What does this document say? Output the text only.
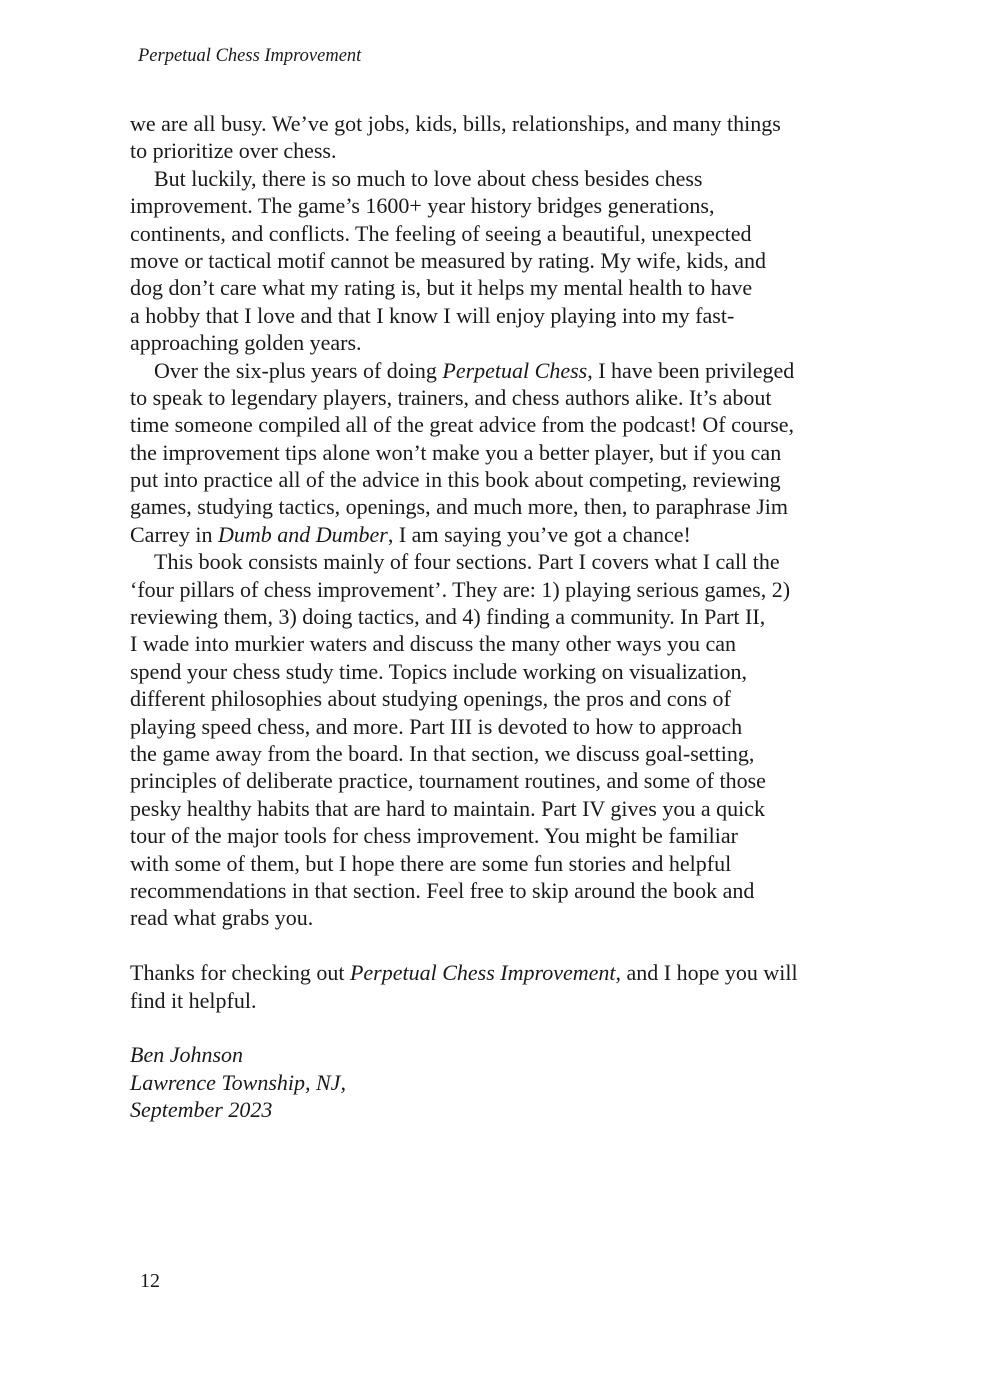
Perpetual Chess Improvement
we are all busy. We’ve got jobs, kids, bills, relationships, and many things
to prioritize over chess.
But luckily, there is so much to love about chess besides chess
improvement. The game’s 1600+ year history bridges generations,
continents, and conflicts. The feeling of seeing a beautiful, unexpected
move or tactical motif cannot be measured by rating. My wife, kids, and
dog don’t care what my rating is, but it helps my mental health to have
a hobby that I love and that I know I will enjoy playing into my fast-
approaching golden years.
Over the six-plus years of doing Perpetual Chess, I have been privileged
to speak to legendary players, trainers, and chess authors alike. It’s about
time someone compiled all of the great advice from the podcast! Of course,
the improvement tips alone won’t make you a better player, but if you can
put into practice all of the advice in this book about competing, reviewing
games, studying tactics, openings, and much more, then, to paraphrase Jim
Carrey in Dumb and Dumber, I am saying you’ve got a chance!
This book consists mainly of four sections. Part I covers what I call the
‘four pillars of chess improvement’. They are: 1) playing serious games, 2)
reviewing them, 3) doing tactics, and 4) finding a community. In Part II,
I wade into murkier waters and discuss the many other ways you can
spend your chess study time. Topics include working on visualization,
different philosophies about studying openings, the pros and cons of
playing speed chess, and more. Part III is devoted to how to approach
the game away from the board. In that section, we discuss goal-setting,
principles of deliberate practice, tournament routines, and some of those
pesky healthy habits that are hard to maintain. Part IV gives you a quick
tour of the major tools for chess improvement. You might be familiar
with some of them, but I hope there are some fun stories and helpful
recommendations in that section. Feel free to skip around the book and
read what grabs you.
Thanks for checking out Perpetual Chess Improvement, and I hope you will
find it helpful.
Ben Johnson
Lawrence Township, NJ,
September 2023
12
